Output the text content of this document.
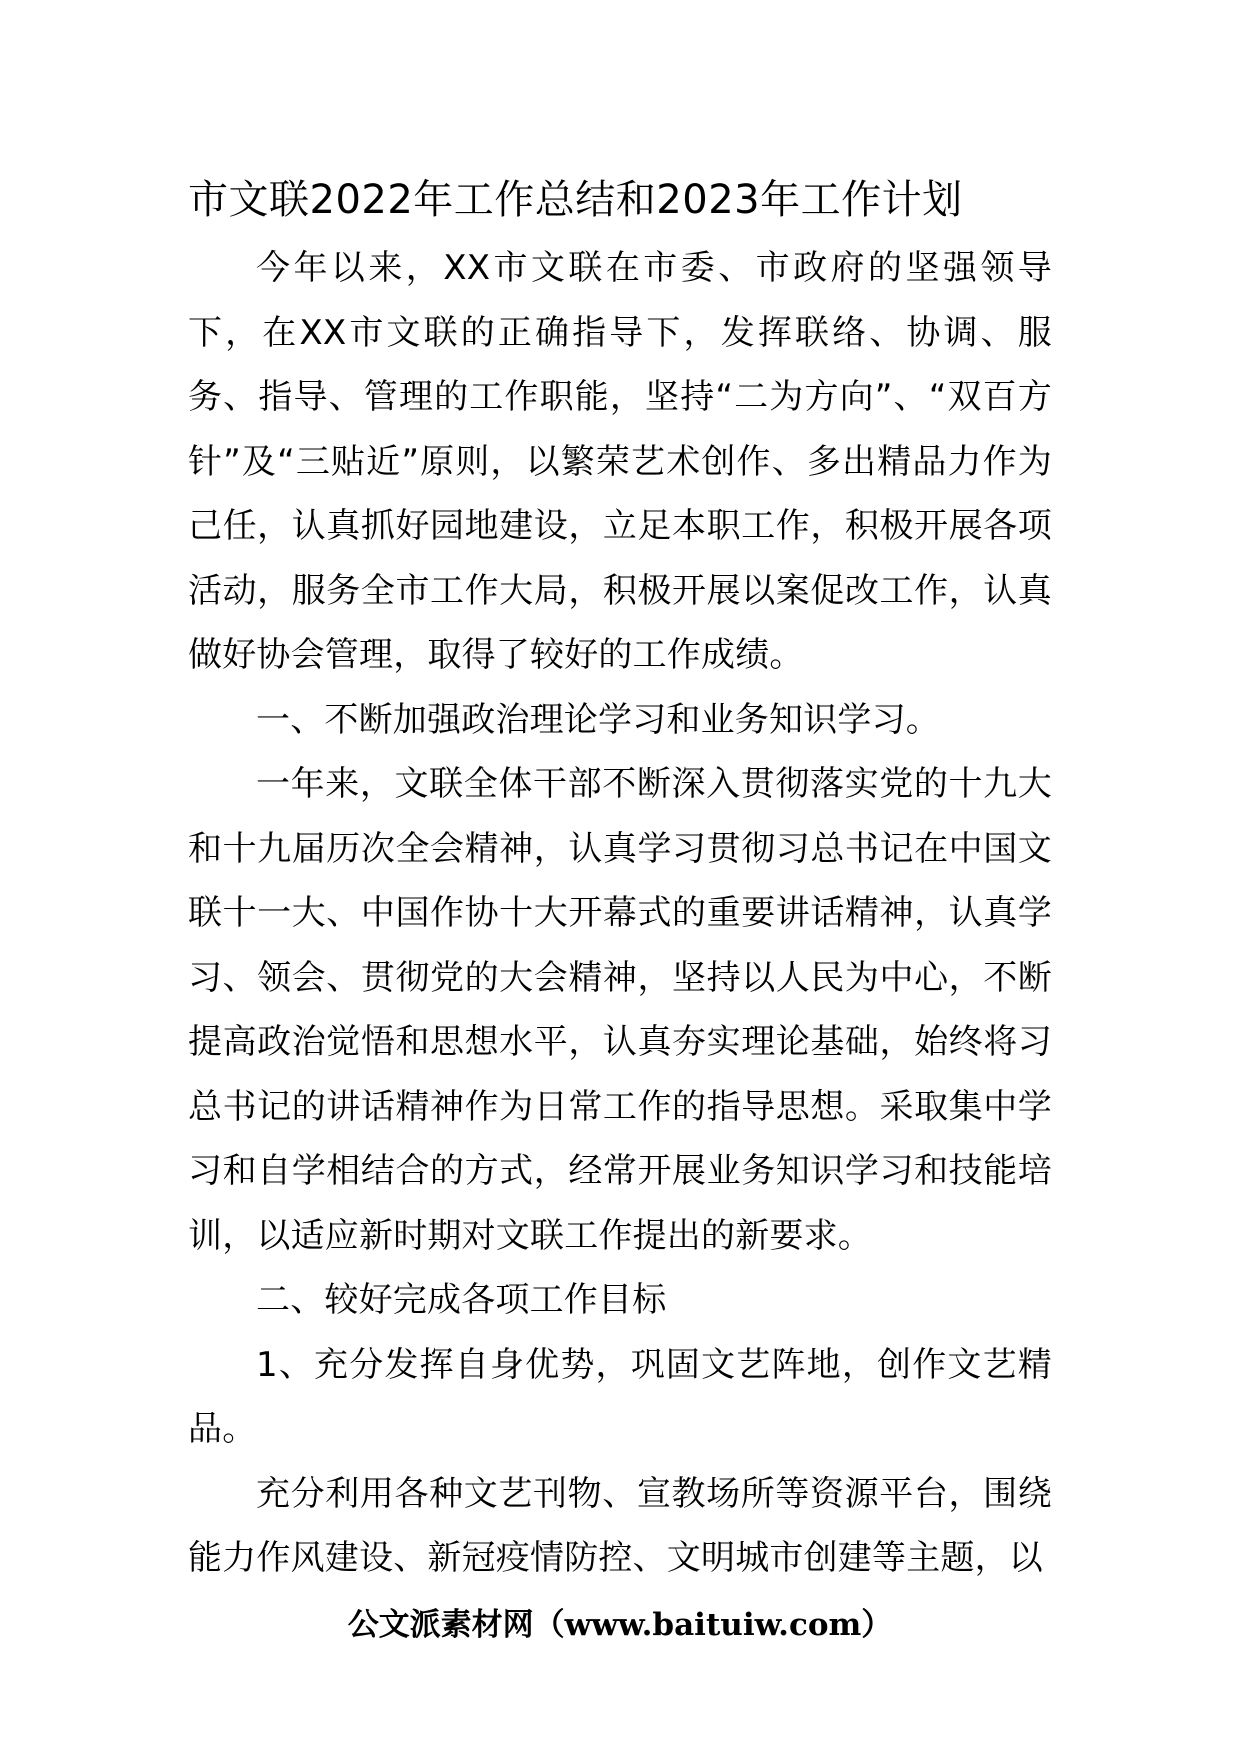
市文联2022年工作总结和2023年工作计划

今年以来，XX市文联在市委、市政府的坚强领导下，在XX市文联的正确指导下，发挥联络、协调、服务、指导、管理的工作职能，坚持“二为方向”、“双百方针”及“三贴近”原则，以繁荣艺术创作、多出精品力作为己任，认真抓好园地建设，立足本职工作，积极开展各项活动，服务全市工作大局，积极开展以案促改工作，认真做好协会管理，取得了较好的工作成绩。

一、不断加强政治理论学习和业务知识学习。

一年来，文联全体干部不断深入贯彻落实党的十九大和十九届历次全会精神，认真学习贯彻习总书记在中国文联十一大、中国作协十大开幕式的重要讲话精神，认真学习、领会、贯彻党的大会精神，坚持以人民为中心，不断提高政治觉悟和思想水平，认真夯实理论基础，始终将习总书记的讲话精神作为日常工作的指导思想。采取集中学习和自学相结合的方式，经常开展业务知识学习和技能培训，以适应新时期对文联工作提出的新要求。

二、较好完成各项工作目标

1、充分发挥自身优势，巩固文艺阵地，创作文艺精品。

充分利用各种文艺刊物、宣教场所等资源平台，围绕能力作风建设、新冠疫情防控、文明城市创建等主题，以

公文派素材网（www.baituiw.com）
